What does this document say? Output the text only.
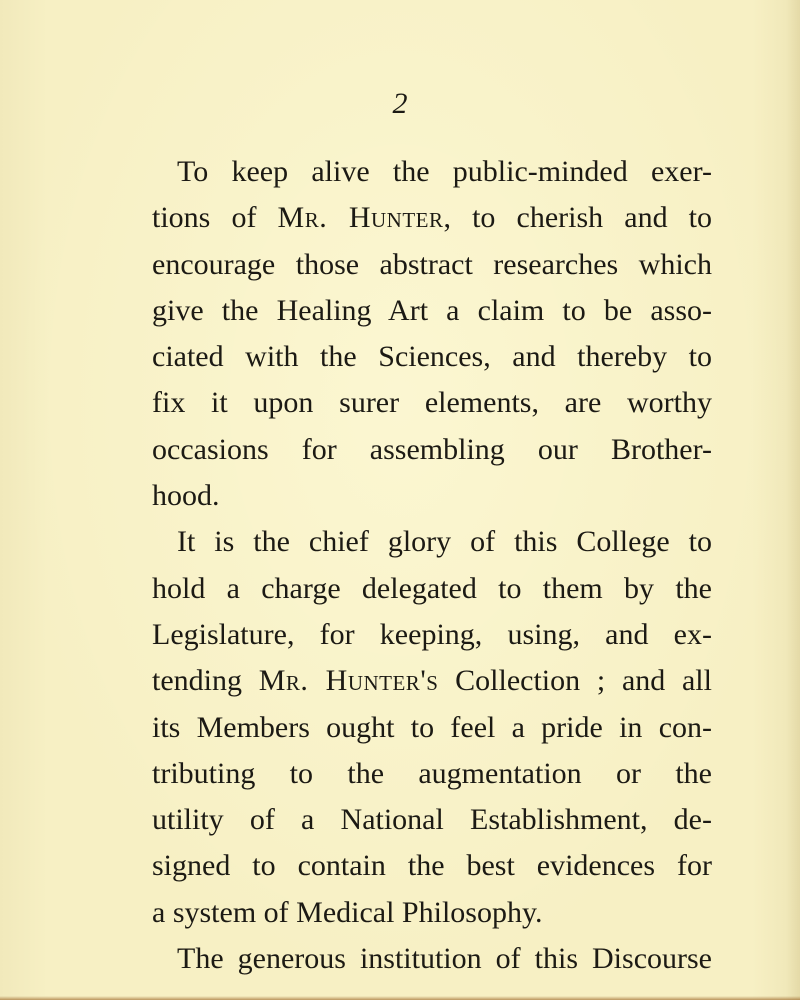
2
To keep alive the public-minded exer-
tions of Mr. Hunter, to cherish and to
encourage those abstract researches which
give the Healing Art a claim to be asso-
ciated with the Sciences, and thereby to
fix it upon surer elements, are worthy
occasions for assembling our Brother-
hood.
It is the chief glory of this College to
hold a charge delegated to them by the
Legislature, for keeping, using, and ex-
tending Mr. Hunter's Collection ; and all
its Members ought to feel a pride in con-
tributing to the augmentation or the
utility of a National Establishment, de-
signed to contain the best evidences for
a system of Medical Philosophy.
The generous institution of this Discourse
